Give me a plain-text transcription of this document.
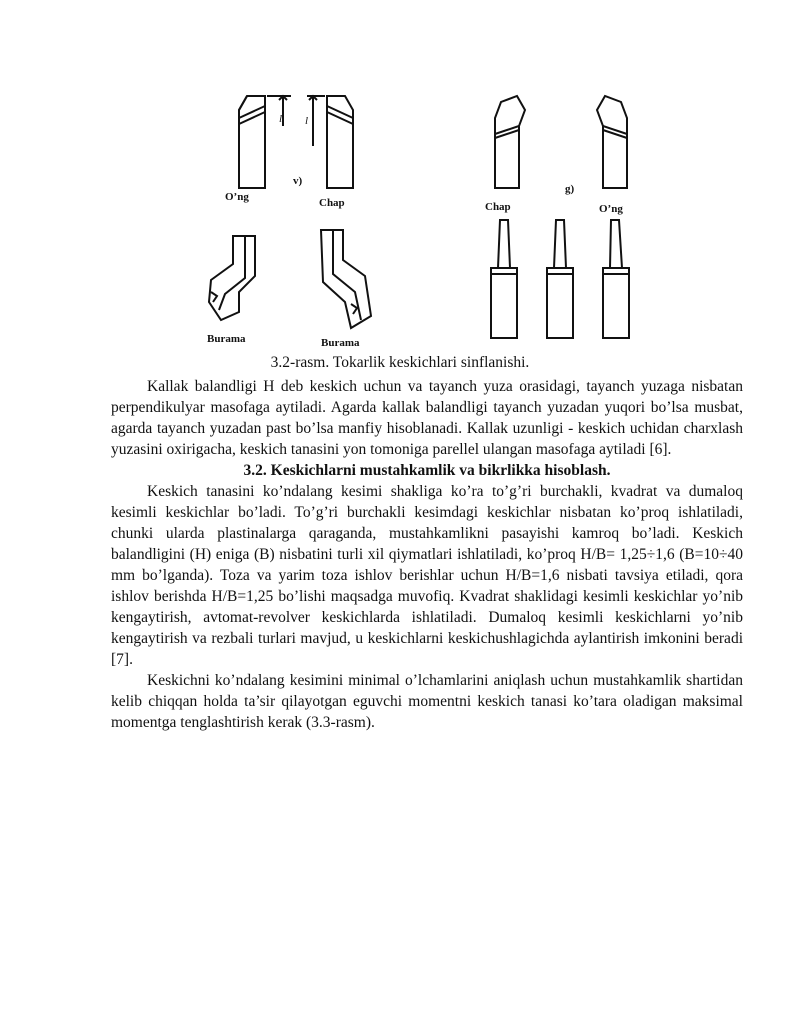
l l
v)
O’ng	Chap
Burama	Burama
g)
Chap	O’ng
3.2-rasm. Tokarlik keskichlari sinflanishi.

Kallak balandligi H deb keskich uchun va tayanch yuza orasidagi, tayanch yuzaga nisbatan perpendikulyar masofaga aytiladi. Agarda kallak balandligi tayanch yuzadan yuqori bo’lsa musbat, agarda tayanch yuzadan past bo’lsa manfiy hisoblanadi. Kallak uzunligi - keskich uchidan charxlash yuzasini oxirigacha, keskich tanasini yon tomoniga parellel ulangan masofaga aytiladi [6].

3.2. Keskichlarni mustahkamlik va bikrlikka hisoblash.

Keskich tanasini ko’ndalang kesimi shakliga ko’ra to’g’ri burchakli, kvadrat va dumaloq kesimli keskichlar bo’ladi. To’g’ri burchakli kesimdagi keskichlar nisbatan ko’proq ishlatiladi, chunki ularda plastinalarga qaraganda, mustahkamlikni pasayishi kamroq bo’ladi. Keskich balandligini (H) eniga (B) nisbatini turli xil qiymatlari ishlatiladi, ko’proq H/B= 1,25÷1,6 (B=10÷40 mm bo’lganda). Toza va yarim toza ishlov berishlar uchun H/B=1,6 nisbati tavsiya etiladi, qora ishlov berishda H/B=1,25 bo’lishi maqsadga muvofiq. Kvadrat shaklidagi kesimli keskichlar yo’nib kengaytirish, avtomat-revolver keskichlarda ishlatiladi. Dumaloq kesimli keskichlarni yo’nib kengaytirish va rezbali turlari mavjud, u keskichlarni keskichushlagichda aylantirish imkonini beradi [7].

Keskichni ko’ndalang kesimini minimal o’lchamlarini aniqlash uchun mustahkamlik shartidan kelib chiqqan holda ta’sir qilayotgan eguvchi momentni keskich tanasi ko’tara oladigan maksimal momentga tenglashtirish kerak (3.3-rasm).
